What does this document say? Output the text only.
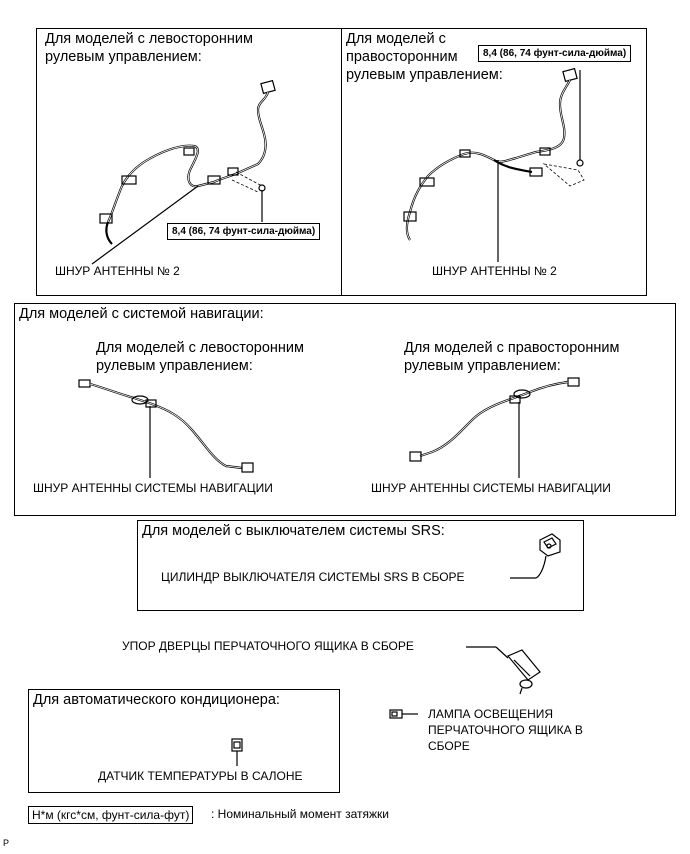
Для моделей с левосторонним
рулевым управлением:
8,4 (86, 74 фунт-сила-дюйма)
ШНУР АНТЕННЫ № 2
Для моделей с
правосторонним
рулевым управлением:
8,4 (86, 74 фунт-сила-дюйма)
ШНУР АНТЕННЫ № 2
Для моделей с системой навигации:
Для моделей с левосторонним
рулевым управлением:
Для моделей с правосторонним
рулевым управлением:
ШНУР АНТЕННЫ СИСТЕМЫ НАВИГАЦИИ	ШНУР АНТЕННЫ СИСТЕМЫ НАВИГАЦИИ
Для моделей с выключателем системы SRS:
ЦИЛИНДР ВЫКЛЮЧАТЕЛЯ СИСТЕМЫ SRS В СБОРЕ
УПОР ДВЕРЦЫ ПЕРЧАТОЧНОГО ЯЩИКА В СБОРЕ
Для автоматического кондиционера:
ДАТЧИК ТЕМПЕРАТУРЫ В САЛОНЕ
ЛАМПА ОСВЕЩЕНИЯ
ПЕРЧАТОЧНОГО ЯЩИКА В
СБОРЕ
Н*м (кгс*см, фунт-сила-фут)	: Номинальный момент затяжки
P
